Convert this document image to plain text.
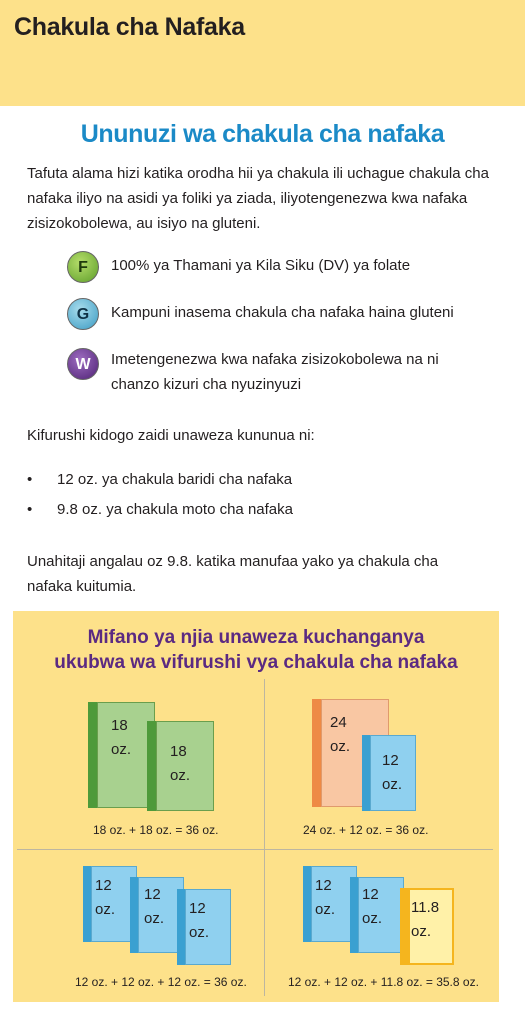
Chakula cha Nafaka
Ununuzi wa chakula cha nafaka
Tafuta alama hizi katika orodha hii ya chakula ili uchague chakula cha nafaka iliyo na asidi ya foliki ya ziada, iliyotengenezwa kwa nafaka zisizokobolewa, au isiyo na gluteni.
F	100% ya Thamani ya Kila Siku (DV) ya folate
G	Kampuni inasema chakula cha nafaka haina gluteni
W	Imetengenezwa kwa nafaka zisizokobolewa na ni chanzo kizuri cha nyuzinyuzi
Kifurushi kidogo zaidi unaweza kununua ni:
• 12 oz. ya chakula baridi cha nafaka
• 9.8 oz. ya chakula moto cha nafaka
Unahitaji angalau oz 9.8. katika manufaa yako ya chakula cha nafaka kuitumia.
Mifano ya njia unaweza kuchanganya
ukubwa wa vifurushi vya chakula cha nafaka
18
oz.	18
oz.
18 oz. + 18 oz. = 36 oz.
24
oz.
12
oz.
24 oz. + 12 oz. = 36 oz.
12
oz.
12
oz.
12
oz.
12 oz. + 12 oz. + 12 oz. = 36 oz.
12
oz.
12
oz.
11.8
oz.
12 oz. + 12 oz. + 11.8 oz. = 35.8 oz.
